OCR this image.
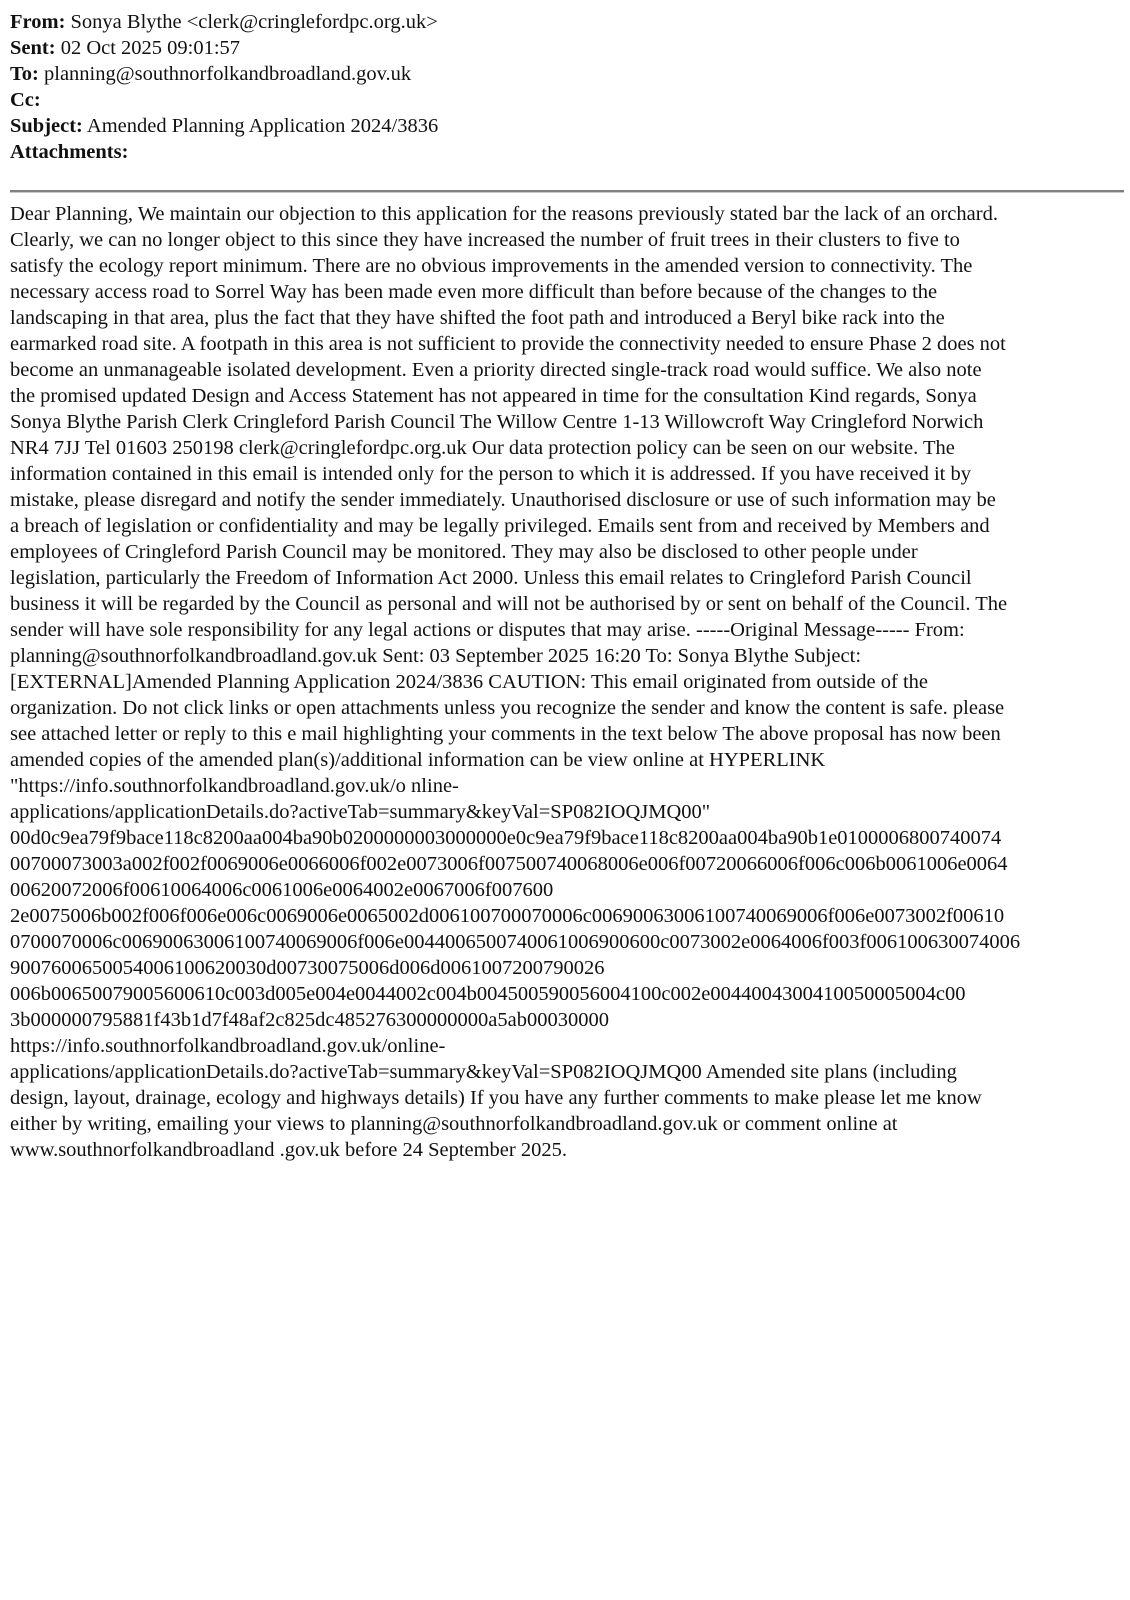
From: Sonya Blythe <clerk@cringlefordpc.org.uk>
Sent: 02 Oct 2025 09:01:57
To: planning@southnorfolkandbroadland.gov.uk
Cc:
Subject: Amended Planning Application 2024/3836
Attachments:
Dear Planning, We maintain our objection to this application for the reasons previously stated bar the lack of an orchard.
Clearly, we can no longer object to this since they have increased the number of fruit trees in their clusters to five to
satisfy the ecology report minimum. There are no obvious improvements in the amended version to connectivity. The
necessary access road to Sorrel Way has been made even more difficult than before because of the changes to the
landscaping in that area, plus the fact that they have shifted the foot path and introduced a Beryl bike rack into the
earmarked road site. A footpath in this area is not sufficient to provide the connectivity needed to ensure Phase 2 does not
become an unmanageable isolated development. Even a priority directed single-track road would suffice. We also note
the promised updated Design and Access Statement has not appeared in time for the consultation Kind regards, Sonya
Sonya Blythe Parish Clerk Cringleford Parish Council The Willow Centre 1-13 Willowcroft Way Cringleford Norwich
NR4 7JJ Tel 01603 250198 clerk@cringlefordpc.org.uk Our data protection policy can be seen on our website. The
information contained in this email is intended only for the person to which it is addressed. If you have received it by
mistake, please disregard and notify the sender immediately. Unauthorised disclosure or use of such information may be
a breach of legislation or confidentiality and may be legally privileged. Emails sent from and received by Members and
employees of Cringleford Parish Council may be monitored. They may also be disclosed to other people under
legislation, particularly the Freedom of Information Act 2000. Unless this email relates to Cringleford Parish Council
business it will be regarded by the Council as personal and will not be authorised by or sent on behalf of the Council. The
sender will have sole responsibility for any legal actions or disputes that may arise. -----Original Message----- From:
planning@southnorfolkandbroadland.gov.uk Sent: 03 September 2025 16:20 To: Sonya Blythe Subject:
[EXTERNAL]Amended Planning Application 2024/3836 CAUTION: This email originated from outside of the
organization. Do not click links or open attachments unless you recognize the sender and know the content is safe. please
see attached letter or reply to this e mail highlighting your comments in the text below The above proposal has now been
amended copies of the amended plan(s)/additional information can be view online at HYPERLINK
"https://info.southnorfolkandbroadland.gov.uk/o nline-
applications/applicationDetails.do?activeTab=summary&keyVal=SP082IOQJMQ00"
00d0c9ea79f9bace118c8200aa004ba90b0200000003000000e0c9ea79f9bace118c8200aa004ba90b1e0100006800740074
00700073003a002f002f0069006e0066006f002e0073006f007500740068006e006f00720066006f006c006b0061006e0064
00620072006f00610064006c0061006e0064002e0067006f007600
2e0075006b002f006f006e006c0069006e0065002d006100700070006c00690063006100740069006f006e0073002f00610
0700070006c00690063006100740069006f006e0044006500740061006900600c0073002e0064006f003f006100630074006
9007600650054006100620030d00730075006d006d0061007200790026
006b00650079005600610c003d005e004e0044002c004b004500590056004100c002e0044004300410050005004c00
3b000000795881f43b1d7f48af2c825dc485276300000000a5ab00030000
https://info.southnorfolkandbroadland.gov.uk/online-
applications/applicationDetails.do?activeTab=summary&keyVal=SP082IOQJMQ00 Amended site plans (including
design, layout, drainage, ecology and highways details) If you have any further comments to make please let me know
either by writing, emailing your views to planning@southnorfolkandbroadland.gov.uk or comment online at
www.southnorfolkandbroadland .gov.uk before 24 September 2025.
